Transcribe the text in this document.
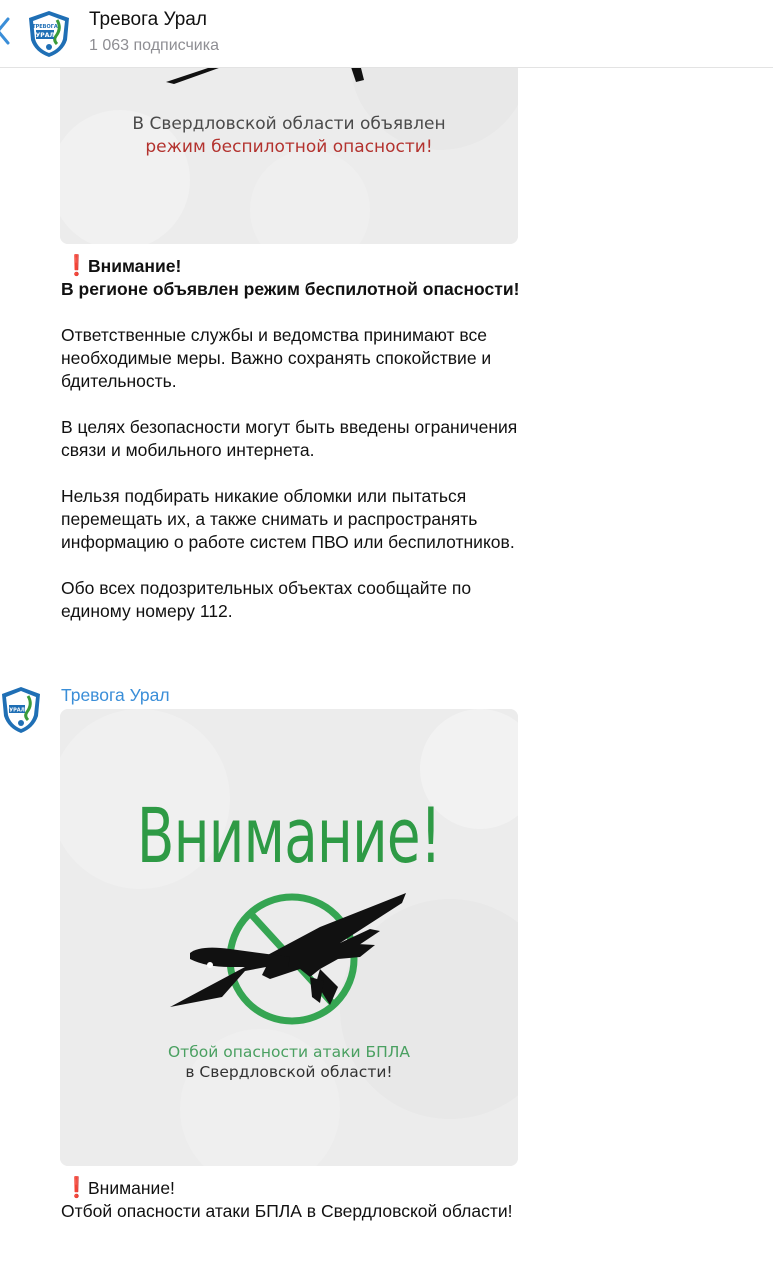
В Свердловской области объявлен
режим беспилотной опасности!

❗Внимание!

В регионе объявлен режим беспилотной опасности!

Ответственные службы и ведомства принимают все необходимые меры. Важно сохранять спокойствие и бдительность.

В целях безопасности могут быть введены ограничения связи и мобильного интернета.

Нельзя подбирать никакие обломки или пытаться перемещать их, а также снимать и распространять информацию о работе систем ПВО или беспилотников.

Обо всех подозрительных объектах сообщайте по единому номеру 112.

УРАЛ
Тревога Урал
Внимание!
Отбой опасности атаки БПЛА
в Свердловской области!

❗Внимание!

Отбой опасности атаки БПЛА в Свердловской области!

ТРЕВОГА
УРАЛ
Тревога Урал
1 063 подписчика
